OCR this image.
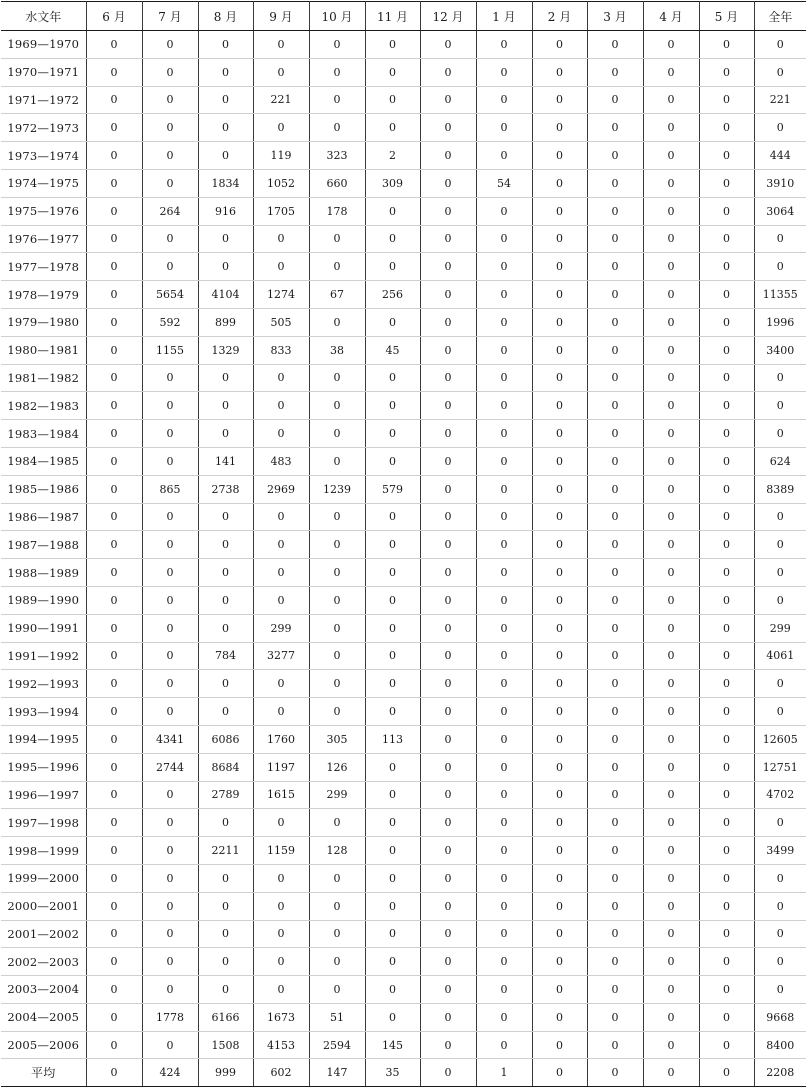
水文年	6 月	7 月	8 月	9 月	10 月	11 月	12 月	1 月	2 月	3 月	4 月	5 月	全年
1969—1970	0	0	0	0	0	0	0	0	0	0	0	0	0
1970—1971	0	0	0	0	0	0	0	0	0	0	0	0	0
1971—1972	0	0	0	221	0	0	0	0	0	0	0	0	221
1972—1973	0	0	0	0	0	0	0	0	0	0	0	0	0
1973—1974	0	0	0	119	323	2	0	0	0	0	0	0	444
1974—1975	0	0	1834	1052	660	309	0	54	0	0	0	0	3910
1975—1976	0	264	916	1705	178	0	0	0	0	0	0	0	3064
1976—1977	0	0	0	0	0	0	0	0	0	0	0	0	0
1977—1978	0	0	0	0	0	0	0	0	0	0	0	0	0
1978—1979	0	5654	4104	1274	67	256	0	0	0	0	0	0	11355
1979—1980	0	592	899	505	0	0	0	0	0	0	0	0	1996
1980—1981	0	1155	1329	833	38	45	0	0	0	0	0	0	3400
1981—1982	0	0	0	0	0	0	0	0	0	0	0	0	0
1982—1983	0	0	0	0	0	0	0	0	0	0	0	0	0
1983—1984	0	0	0	0	0	0	0	0	0	0	0	0	0
1984—1985	0	0	141	483	0	0	0	0	0	0	0	0	624
1985—1986	0	865	2738	2969	1239	579	0	0	0	0	0	0	8389
1986—1987	0	0	0	0	0	0	0	0	0	0	0	0	0
1987—1988	0	0	0	0	0	0	0	0	0	0	0	0	0
1988—1989	0	0	0	0	0	0	0	0	0	0	0	0	0
1989—1990	0	0	0	0	0	0	0	0	0	0	0	0	0
1990—1991	0	0	0	299	0	0	0	0	0	0	0	0	299
1991—1992	0	0	784	3277	0	0	0	0	0	0	0	0	4061
1992—1993	0	0	0	0	0	0	0	0	0	0	0	0	0
1993—1994	0	0	0	0	0	0	0	0	0	0	0	0	0
1994—1995	0	4341	6086	1760	305	113	0	0	0	0	0	0	12605
1995—1996	0	2744	8684	1197	126	0	0	0	0	0	0	0	12751
1996—1997	0	0	2789	1615	299	0	0	0	0	0	0	0	4702
1997—1998	0	0	0	0	0	0	0	0	0	0	0	0	0
1998—1999	0	0	2211	1159	128	0	0	0	0	0	0	0	3499
1999—2000	0	0	0	0	0	0	0	0	0	0	0	0	0
2000—2001	0	0	0	0	0	0	0	0	0	0	0	0	0
2001—2002	0	0	0	0	0	0	0	0	0	0	0	0	0
2002—2003	0	0	0	0	0	0	0	0	0	0	0	0	0
2003—2004	0	0	0	0	0	0	0	0	0	0	0	0	0
2004—2005	0	1778	6166	1673	51	0	0	0	0	0	0	0	9668
2005—2006	0	0	1508	4153	2594	145	0	0	0	0	0	0	8400
平均	0	424	999	602	147	35	0	1	0	0	0	0	2208
